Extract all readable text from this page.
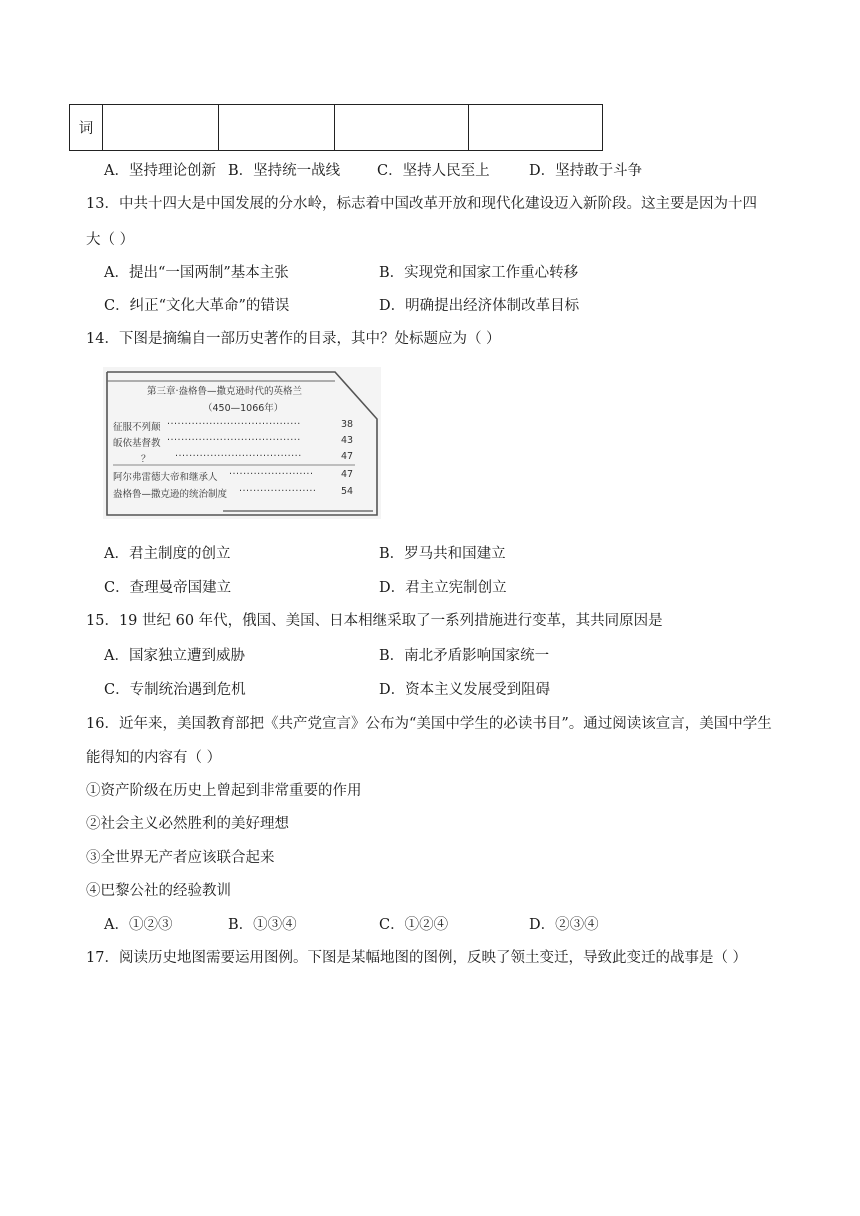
词				
A．坚持理论创新 B．坚持统一战线	C．坚持人民至上	D．坚持敢于斗争
13．中共十四大是中国发展的分水岭，标志着中国改革开放和现代化建设迈入新阶段。这主要是因为十四
大（ ）
A．提出“一国两制”基本主张	B．实现党和国家工作重心转移
C．纠正“文化大革命”的错误	D．明确提出经济体制改革目标
14．下图是摘编自一部历史著作的目录，其中？处标题应为（ ）
第三章·盎格鲁—撒克逊时代的英格兰
（450—1066年）
征服不列颠 ······································	38
皈依基督教 ······································	43
？	····································	47
阿尔弗雷德大帝和继承人 ························	47
盎格鲁—撒克逊的统治制度 ······················	54
A．君主制度的创立	B．罗马共和国建立
C．查理曼帝国建立	D．君主立宪制创立
15．19 世纪 60 年代，俄国、美国、日本相继采取了一系列措施进行变革，其共同原因是
A．国家独立遭到威胁	B．南北矛盾影响国家统一
C．专制统治遇到危机	D．资本主义发展受到阻碍
16．近年来，美国教育部把《共产党宣言》公布为“美国中学生的必读书目”。通过阅读该宣言，美国中学生
能得知的内容有（ ）
①资产阶级在历史上曾起到非常重要的作用
②社会主义必然胜利的美好理想
③全世界无产者应该联合起来
④巴黎公社的经验教训
A．①②③	B．①③④	C．①②④	D．②③④
17．阅读历史地图需要运用图例。下图是某幅地图的图例，反映了领土变迁，导致此变迁的战事是（ ）
